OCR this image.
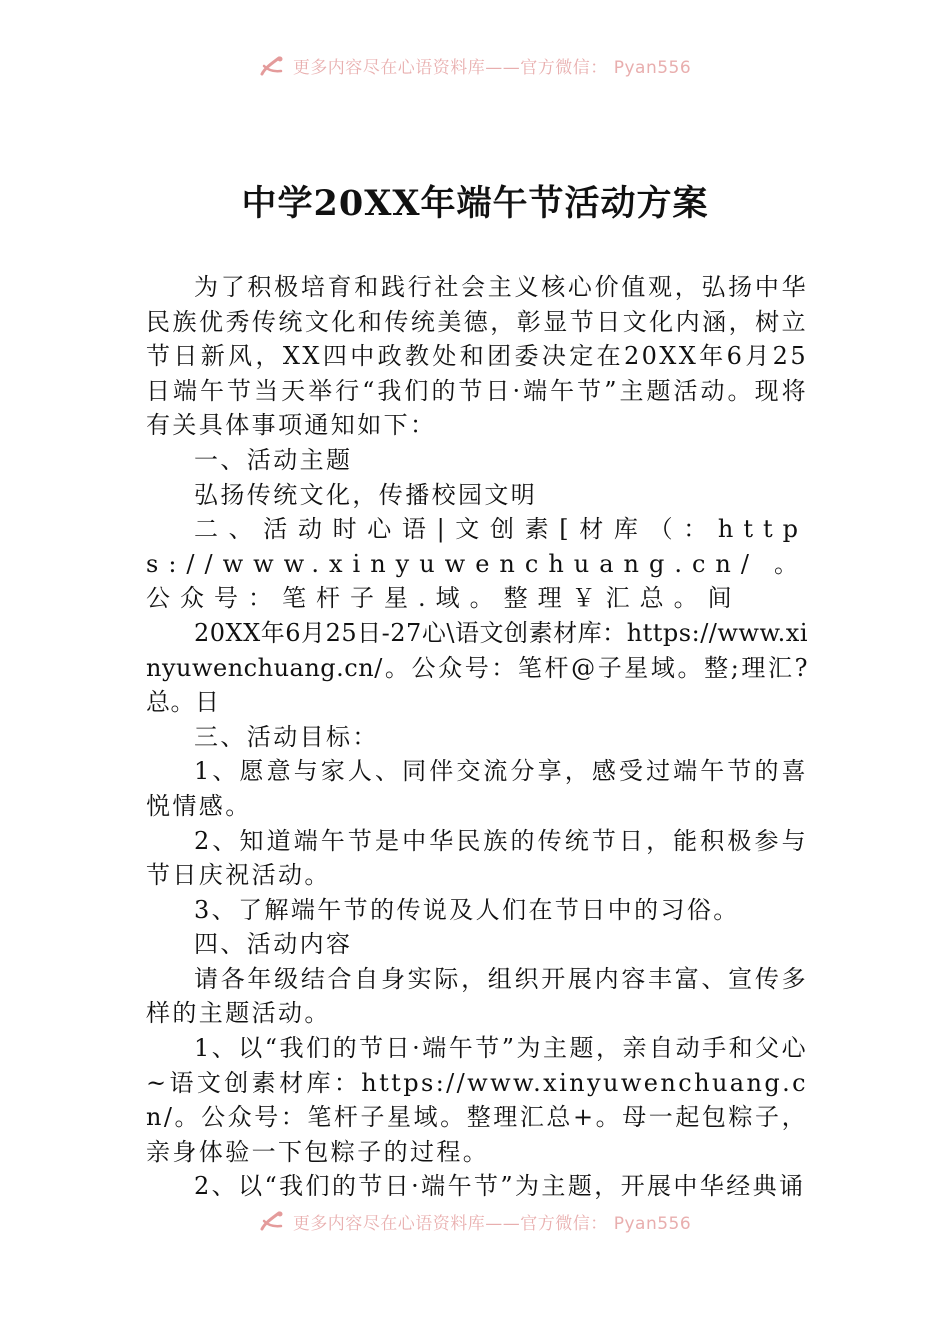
更多内容尽在心语资料库——官方微信： Pyan556
中学20XX年端午节活动方案

为了积极培育和践行社会主义核心价值观，弘扬中华民族优秀传统文化和传统美德，彰显节日文化内涵，树立节日新风，XX四中政教处和团委决定在20XX年6月25日端午节当天举行“我们的节日·端午节”主题活动。现将有关具体事项通知如下：

一、活动主题

弘扬传统文化，传播校园文明

二、活动时心语|文创素[材库（：https://www.xinyuwenchuang.cn/。公众号：笔杆子星.域。整理￥汇总。间

20XX年6月25日-27心\语文创素材库：https://www.xinyuwenchuang.cn/。公众号：笔杆@子星域。整;理汇?总。日

三、活动目标：

1、愿意与家人、同伴交流分享，感受过端午节的喜悦情感。

2、知道端午节是中华民族的传统节日，能积极参与节日庆祝活动。

3、了解端午节的传说及人们在节日中的习俗。

四、活动内容

请各年级结合自身实际，组织开展内容丰富、宣传多样的主题活动。

1、以“我们的节日·端午节”为主题，亲自动手和父心~语文创素材库：https://www.xinyuwenchuang.cn/。公众号：笔杆子星域。整理汇总+。母一起包粽子，亲身体验一下包粽子的过程。

2、以“我们的节日·端午节”为主题，开展中华经典诵

更多内容尽在心语资料库——官方微信： Pyan556
